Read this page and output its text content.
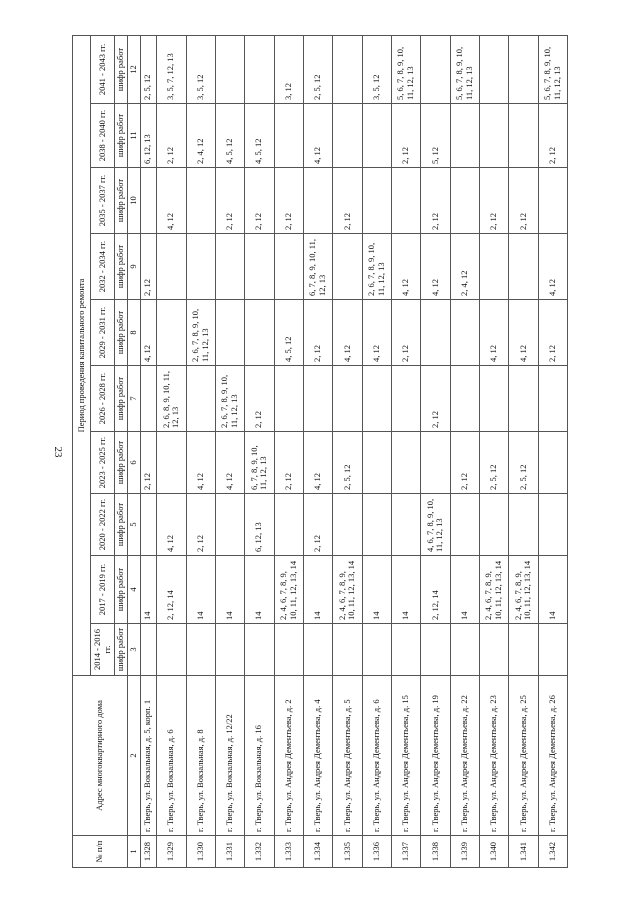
23
№ п/п	Адрес многоквартирного дома	Период проведения капитального ремонта									
		2014 - 2016 гг.	2017 - 2019 гг.	2020 - 2022 гг.	2023 - 2025 гг.	2026 - 2028 гг.	2029 - 2031 гг.	2032 - 2034 гг.	2035 - 2037 гг.	2038 - 2040 гг.	2041 - 2043 гг.
		шифр работ	шифр работ	шифр работ	шифр работ	шифр работ	шифр работ	шифр работ	шифр работ	шифр работ	шифр работ
1	2	3	4	5	6	7	8	9	10	11	12
1.328	г. Тверь, ул. Вокзальная, д. 5, корп. 1		14		2, 12		4, 12	2, 12		6, 12, 13	2, 5, 12
1.329	г. Тверь, ул. Вокзальная, д. 6		2, 12, 14	4, 12		2, 6, 8, 9, 10, 11, 12, 13			4, 12	2, 12	3, 5, 7, 12, 13
1.330	г. Тверь, ул. Вокзальная, д. 8		14	2, 12	4, 12		2, 6, 7, 8, 9, 10, 11, 12, 13			2, 4, 12	3, 5, 12
1.331	г. Тверь, ул. Вокзальная, д. 12/22		14		4, 12	2, 6, 7, 8, 9, 10, 11, 12, 13			2, 12	4, 5, 12	
1.332	г. Тверь, ул. Вокзальная, д. 16		14	6, 12, 13	6, 7, 8, 9, 10, 11, 12, 13	2, 12			2, 12	4, 5, 12	
1.333	г. Тверь, ул. Андрея Дементьева, д. 2		2, 4, 6, 7, 8, 9, 10, 11, 12, 13, 14		2, 12		4, 5, 12		2, 12		3, 12
1.334	г. Тверь, ул. Андрея Дементьева, д. 4		14	2, 12	4, 12		2, 12	6, 7, 8, 9, 10, 11, 12, 13		4, 12	2, 5, 12
1.335	г. Тверь, ул. Андрея Дементьева, д. 5		2, 4, 6, 7, 8, 9, 10, 11, 12, 13, 14		2, 5, 12		4, 12		2, 12		
1.336	г. Тверь, ул. Андрея Дементьева, д. 6		14				4, 12	2, 6, 7, 8, 9, 10, 11, 12, 13			3, 5, 12
1.337	г. Тверь, ул. Андрея Дементьева, д. 15		14				2, 12	4, 12		2, 12	5, 6, 7, 8, 9, 10, 11, 12, 13
1.338	г. Тверь, ул. Андрея Дементьева, д. 19		2, 12, 14	4, 6, 7, 8, 9, 10, 11, 12, 13		2, 12		4, 12	2, 12	5, 12	
1.339	г. Тверь, ул. Андрея Дементьева, д. 22		14		2, 12			2, 4, 12			5, 6, 7, 8, 9, 10, 11, 12, 13
1.340	г. Тверь, ул. Андрея Дементьева, д. 23		2, 4, 6, 7, 8, 9, 10, 11, 12, 13, 14		2, 5, 12		4, 12		2, 12		
1.341	г. Тверь, ул. Андрея Дементьева, д. 25		2, 4, 6, 7, 8, 9, 10, 11, 12, 13, 14		2, 5, 12		4, 12		2, 12		
1.342	г. Тверь, ул. Андрея Дементьева, д. 26		14				2, 12	4, 12		2, 12	5, 6, 7, 8, 9, 10, 11, 12, 13
